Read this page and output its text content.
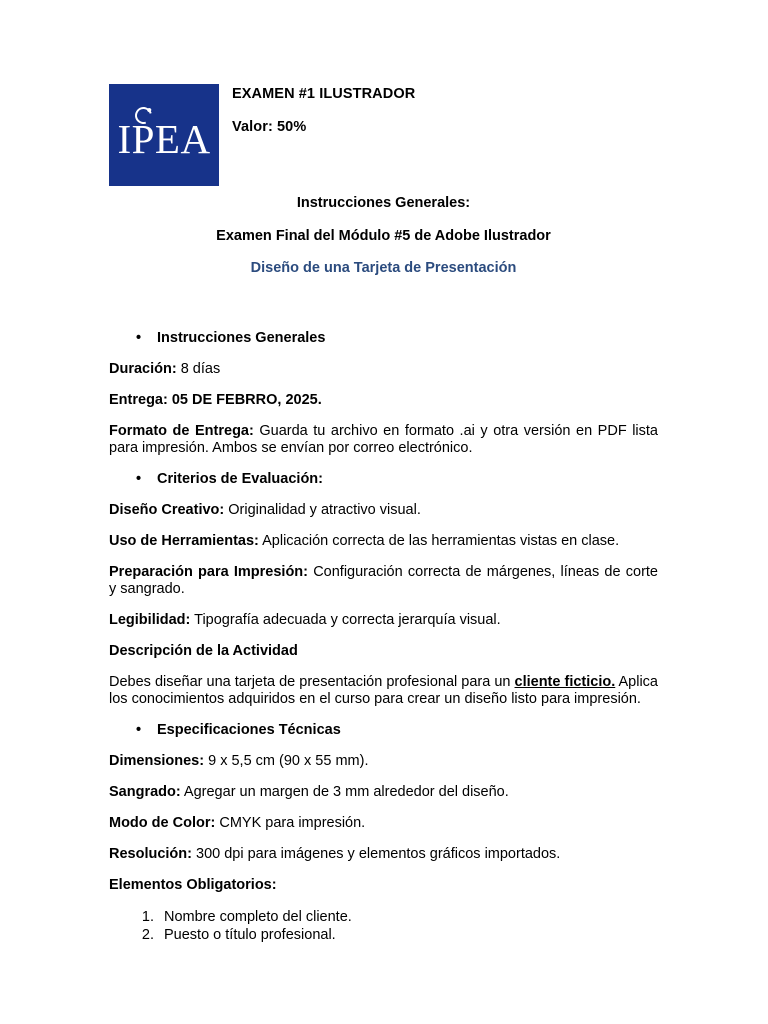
IPEA

EXAMEN #1 ILUSTRADOR

Valor: 50%

Instrucciones Generales:

Examen Final del Módulo #5 de Adobe Ilustrador

Diseño de una Tarjeta de Presentación

• Instrucciones Generales

Duración: 8 días

Entrega: 05 DE FEBRRO, 2025.

Formato de Entrega: Guarda tu archivo en formato .ai y otra versión en PDF lista para impresión. Ambos se envían por correo electrónico.

• Criterios de Evaluación:

Diseño Creativo: Originalidad y atractivo visual.

Uso de Herramientas: Aplicación correcta de las herramientas vistas en clase.

Preparación para Impresión: Configuración correcta de márgenes, líneas de corte y sangrado.

Legibilidad: Tipografía adecuada y correcta jerarquía visual.

Descripción de la Actividad

Debes diseñar una tarjeta de presentación profesional para un cliente ficticio. Aplica los conocimientos adquiridos en el curso para crear un diseño listo para impresión.

• Especificaciones Técnicas

Dimensiones: 9 x 5,5 cm (90 x 55 mm).

Sangrado: Agregar un margen de 3 mm alrededor del diseño.

Modo de Color: CMYK para impresión.

Resolución: 300 dpi para imágenes y elementos gráficos importados.

Elementos Obligatorios:
1. Nombre completo del cliente.
2. Puesto o título profesional.
